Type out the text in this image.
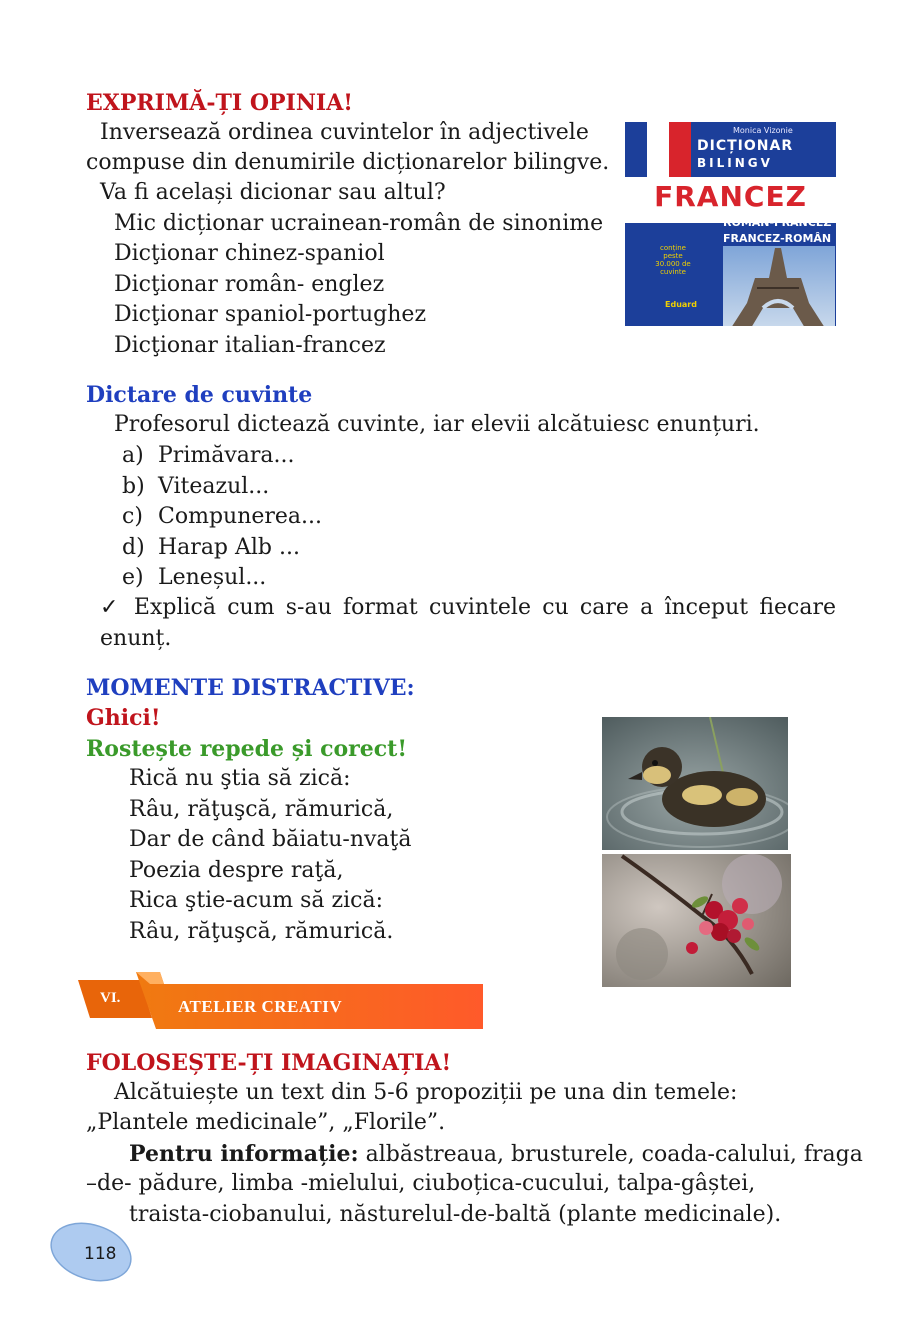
EXPRIMĂ-ȚI OPINIA!
Inversează ordinea cuvintelor în adjectivele
compuse din denumirile dicționarelor bilingve.
Va fi același dicionar sau altul?
Mic dicționar ucrainean-român de sinonime
Dicţionar chinez-spaniol
Dicţionar român- englez
Dicţionar spaniol-portughez
Dicţionar italian-francez
Monica Vizonie
DICȚIONAR
BILINGV
FRANCEZ
ROMÂN-FRANCEZ
FRANCEZ-ROMÂN
conține peste 30.000 de cuvinte
Eduard
Dictare de cuvinte
Profesorul dictează cuvinte, iar elevii alcătuiesc enunțuri.
a) Primăvara...
b) Viteazul...
c) Compunerea...
d) Harap Alb ...
e) Leneșul...
✓ Explică cum s-au format cuvintele cu care a început fiecare enunț.
MOMENTE DISTRACTIVE:
Ghici!
Rostește repede și corect!
Rică nu ştia să zică:
Râu, răţuşcă, rămurică,
Dar de când băiatu-nvaţă
Poezia despre raţă,
Rica ştie-acum să zică:
Râu, răţuşcă, rămurică.
VI.	ATELIER CREATIV
FOLOSEȘTE-ȚI IMAGINAȚIA!
Alcătuiește un text din 5-6 propoziții pe una din temele:
„Plantele medicinale”, „Florile”.
Pentru informație: albăstreaua, brusturele, coada-calului, fraga
–de- pădure, limba -mielului, ciuboțica-cucului, talpa-gâștei,
traista-ciobanului, năsturelul-de-baltă (plante medicinale).
118
